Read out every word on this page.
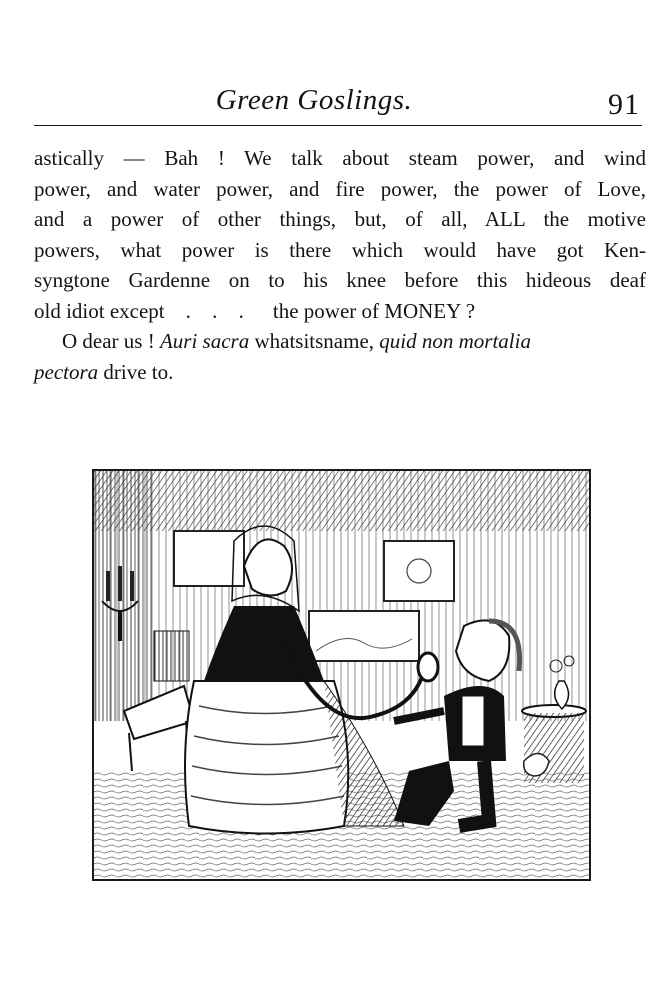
Green Goslings.	91
astically — Bah ! We talk about steam power, and wind
power, and water power, and fire power, the power of Love,
and a power of other things, but, of all, ALL the motive
powers, what power is there which would have got Ken-
syngtone Gardenne on to his knee before this hideous deaf
old idiot except . . . the power of MONEY ?
O dear us ! Auri sacra whatsitsname, quid non mortalia
pectora drive to.
